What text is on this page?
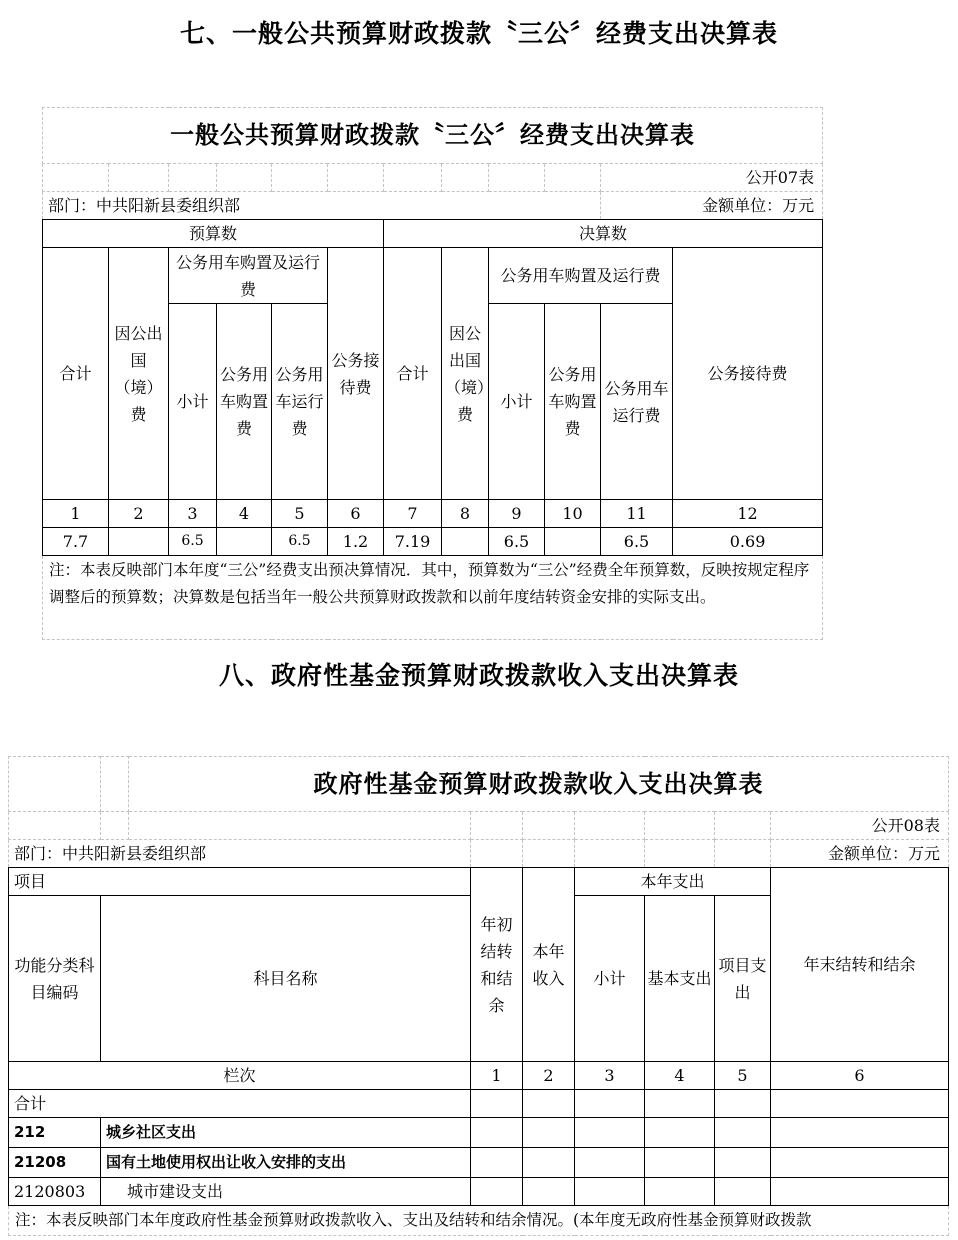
七、一般公共预算财政拨款〝三公〞经费支出决算表
一般公共预算财政拨款〝三公〞经费支出决算表											
										公开07表	
部门：中共阳新县委组织部										金额单位：万元	
预算数						决算数					
合计	因公出国（境）费	公务用车购置及运行费			公务接待费	合计	因公出国（境）费	公务用车购置及运行费			公务接待费
		小计	公务用车购置费	公务用车运行费				小计	公务用车购置费	公务用车运行费	
1	2	3	4	5	6	7	8	9	10	11	12
7.7		6.5		6.5	1.2	7.19		6.5		6.5	0.69
注：本表反映部门本年度“三公”经费支出预决算情况．其中，预算数为“三公”经费全年预算数，反映按规定程序调整后的预算数；决算数是包括当年一般公共预算财政拨款和以前年度结转资金安排的实际支出。											
八、政府性基金预算财政拨款收入支出决算表
		政府性基金预算财政拨款收入支出决算表						
								公开08表
部门：中共阳新县委组织部								金额单位：万元
项目			年初结转和结余	本年收入	本年支出			年末结转和结余
功能分类科目编码	科目名称				小计	基本支出	项目支出	
栏次			1	2	3	4	5	6
合计								
212	城乡社区支出							
21208	国有土地使用权出让收入安排的支出							
2120803	城市建设支出							
注：本表反映部门本年度政府性基金预算财政拨款收入、支出及结转和结余情况。(本年度无政府性基金预算财政拨款								
